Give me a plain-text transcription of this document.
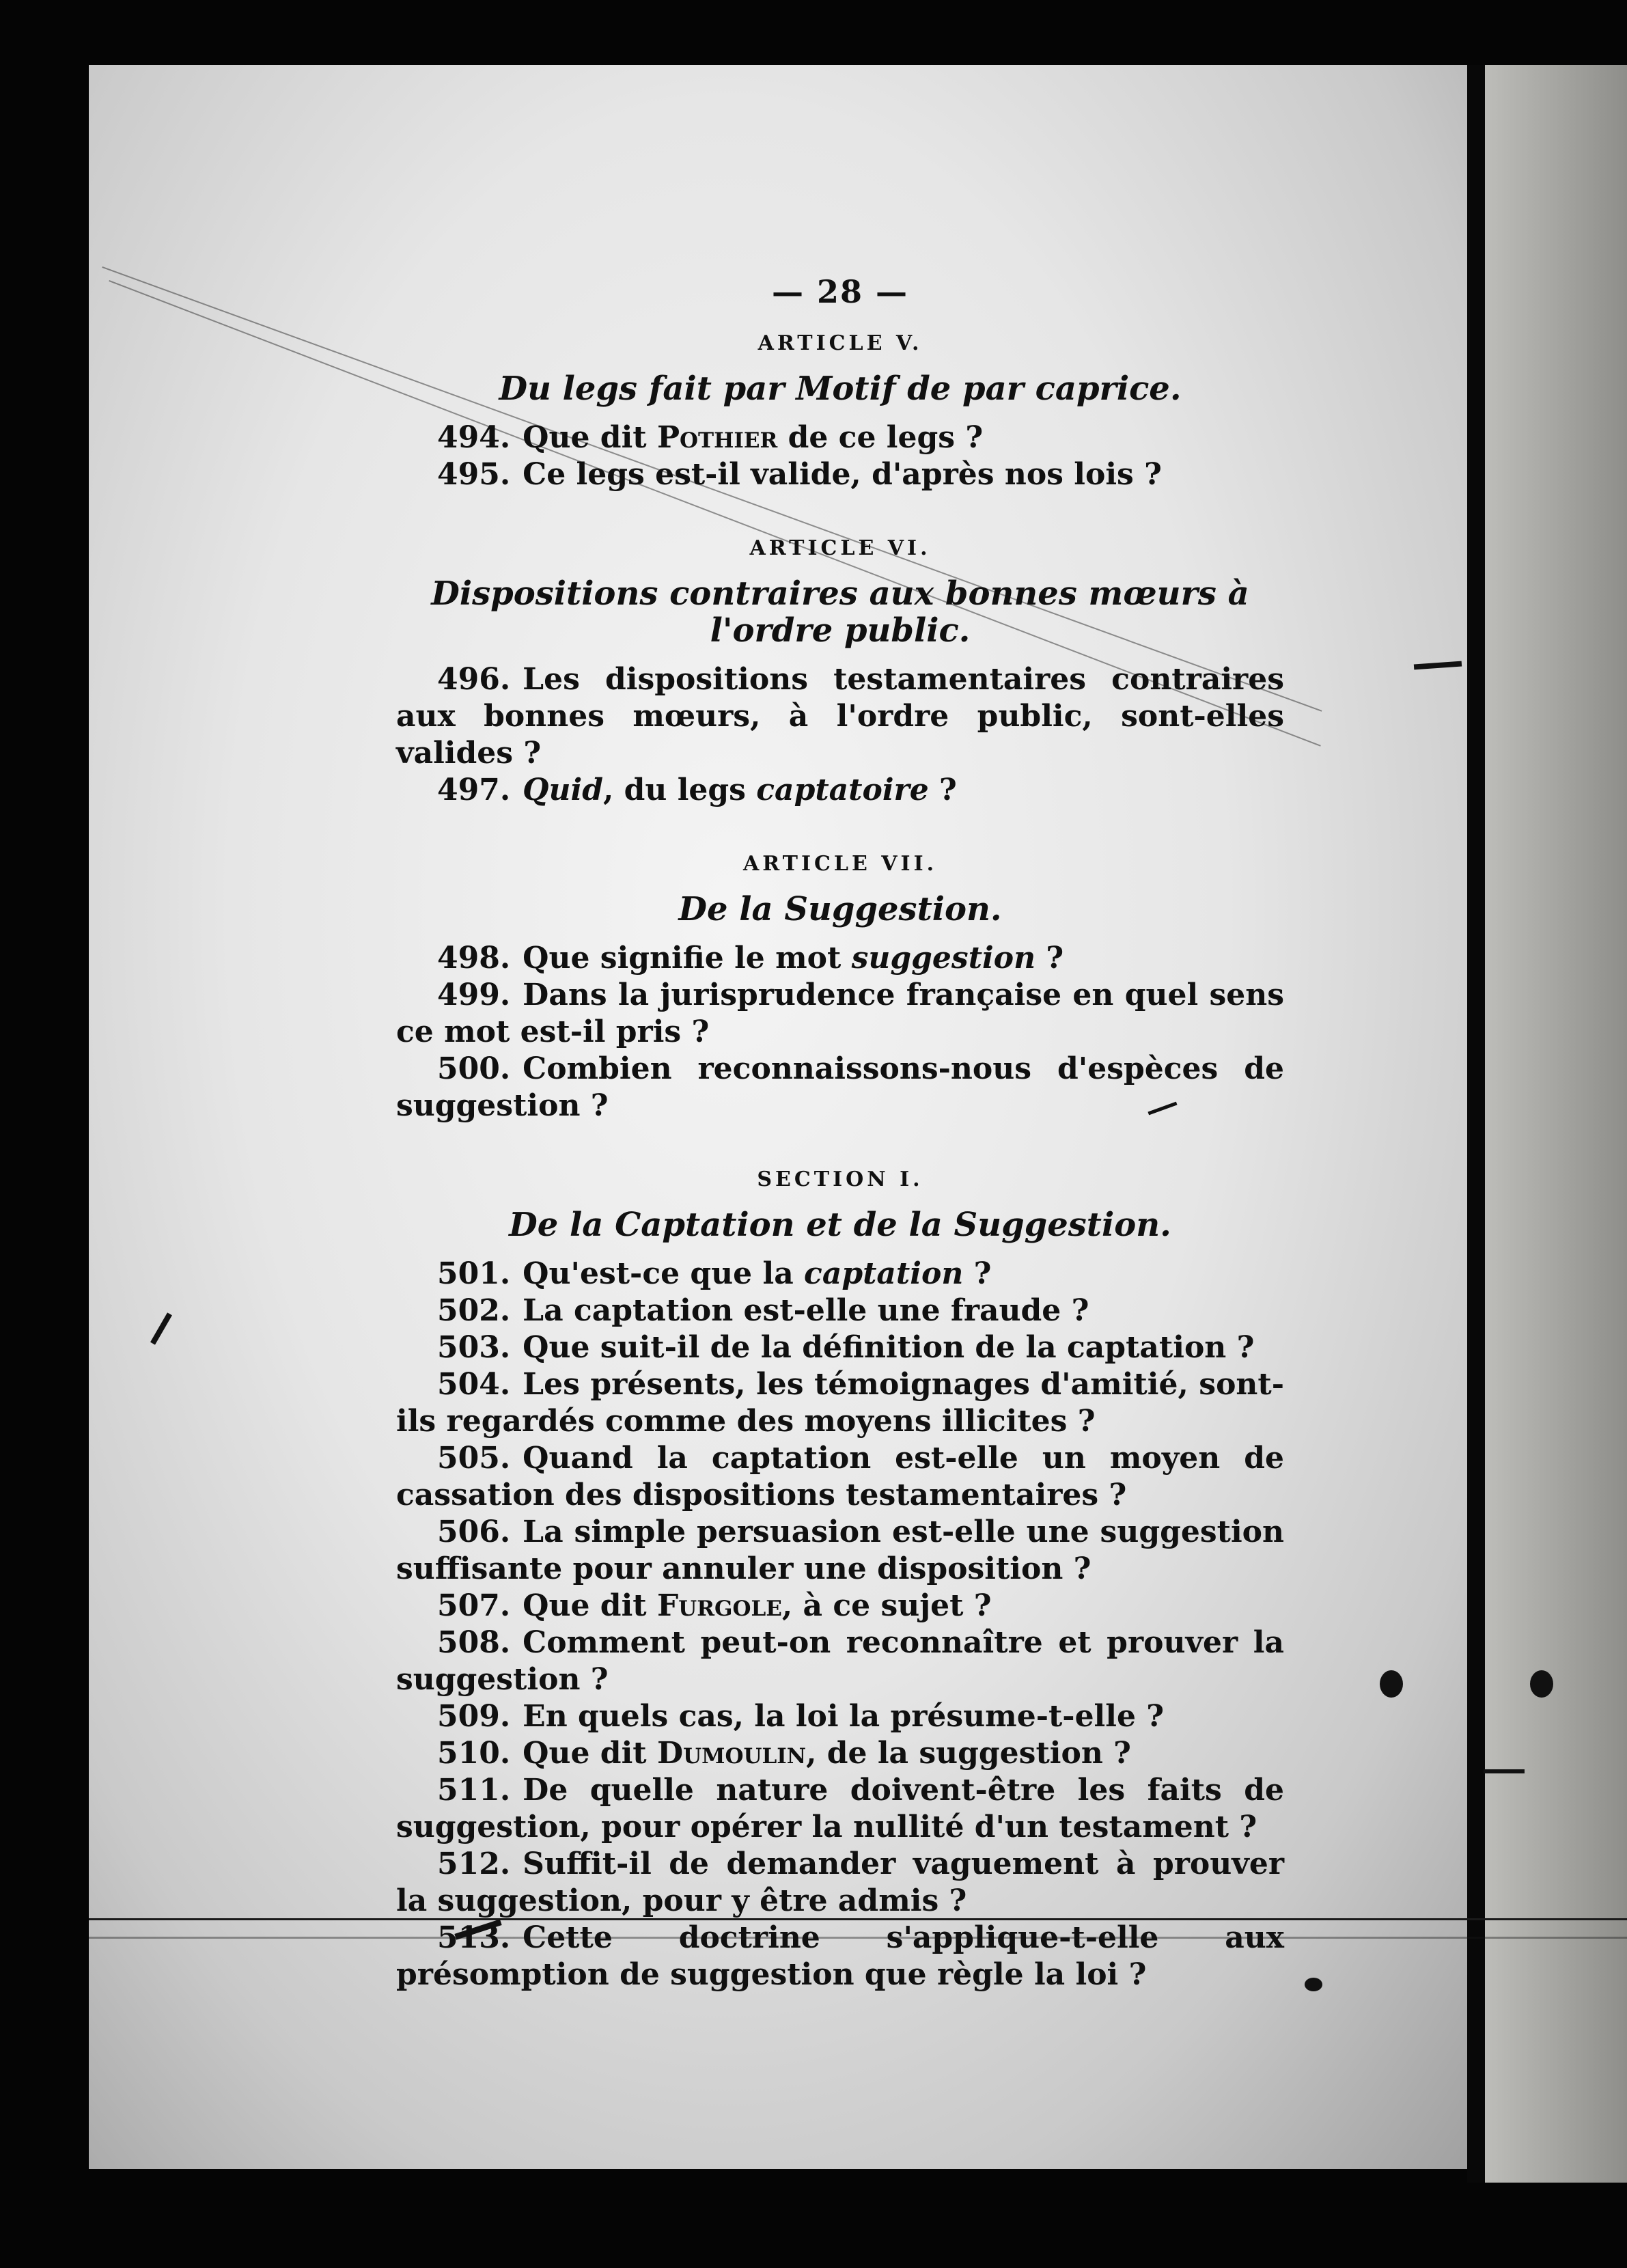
— 28 —
ARTICLE V.
Du legs fait par Motif de par caprice.
494. Que dit Pothier de ce legs ?
495. Ce legs est-il valide, d'après nos lois ?
ARTICLE VI.
Dispositions contraires aux bonnes mœurs à l'ordre public.
496. Les dispositions testamentaires contraires aux bonnes mœurs, à l'ordre public, sont-elles valides ?
497. Quid, du legs captatoire ?
ARTICLE VII.
De la Suggestion.
498. Que signifie le mot suggestion ?
499. Dans la jurisprudence française en quel sens ce mot est-il pris ?
500. Combien reconnaissons-nous d'espèces de suggestion ?
SECTION I.
De la Captation et de la Suggestion.
501. Qu'est-ce que la captation ?
502. La captation est-elle une fraude ?
503. Que suit-il de la définition de la captation ?
504. Les présents, les témoignages d'amitié, sont-ils regardés comme des moyens illicites ?
505. Quand la captation est-elle un moyen de cassation des dispositions testamentaires ?
506. La simple persuasion est-elle une suggestion suffisante pour annuler une disposition ?
507. Que dit Furgole, à ce sujet ?
508. Comment peut-on reconnaître et prouver la suggestion ?
509. En quels cas, la loi la présume-t-elle ?
510. Que dit Dumoulin, de la suggestion ?
511. De quelle nature doivent-être les faits de suggestion, pour opérer la nullité d'un testament ?
512. Suffit-il de demander vaguement à prouver la suggestion, pour y être admis ?
513. Cette doctrine s'applique-t-elle aux présomption de suggestion que règle la loi ?
